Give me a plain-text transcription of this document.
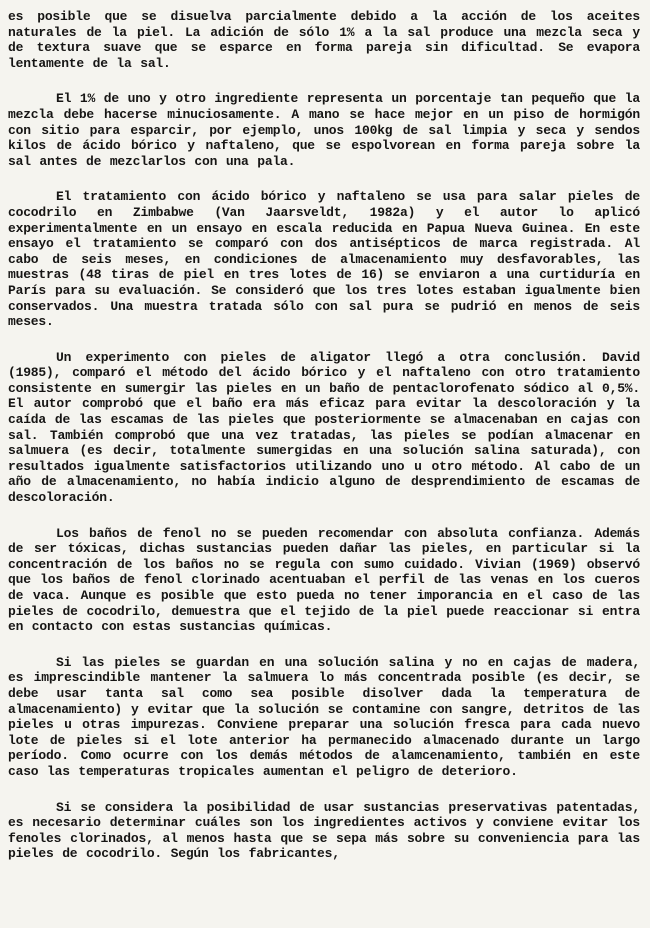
es posible que se disuelva parcialmente debido a la acción de los aceites naturales de la piel. La adición de sólo 1% a la sal produce una mezcla seca y de textura suave que se esparce en forma pareja sin dificultad. Se evapora lentamente de la sal.

El 1% de uno y otro ingrediente representa un porcentaje tan pequeño que la mezcla debe hacerse minuciosamente. A mano se hace mejor en un piso de hormigón con sitio para esparcir, por ejemplo, unos 100kg de sal limpia y seca y sendos kilos de ácido bórico y naftaleno, que se espolvorean en forma pareja sobre la sal antes de mezclarlos con una pala.

El tratamiento con ácido bórico y naftaleno se usa para salar pieles de cocodrilo en Zimbabwe (Van Jaarsveldt, 1982a) y el autor lo aplicó experimentalmente en un ensayo en escala reducida en Papua Nueva Guinea. En este ensayo el tratamiento se comparó con dos antisépticos de marca registrada. Al cabo de seis meses, en condiciones de almacenamiento muy desfavorables, las muestras (48 tiras de piel en tres lotes de 16) se enviaron a una curtiduría en París para su evaluación. Se consideró que los tres lotes estaban igualmente bien conservados. Una muestra tratada sólo con sal pura se pudrió en menos de seis meses.

Un experimento con pieles de aligator llegó a otra conclusión. David (1985), comparó el método del ácido bórico y el naftaleno con otro tratamiento consistente en sumergir las pieles en un baño de pentaclorofenato sódico al 0,5%. El autor comprobó que el baño era más eficaz para evitar la descoloración y la caída de las escamas de las pieles que posteriormente se almacenaban en cajas con sal. También comprobó que una vez tratadas, las pieles se podían almacenar en salmuera (es decir, totalmente sumergidas en una solución salina saturada), con resultados igualmente satisfactorios utilizando uno u otro método. Al cabo de un año de almacenamiento, no había indicio alguno de desprendimiento de escamas de descoloración.

Los baños de fenol no se pueden recomendar con absoluta confianza. Además de ser tóxicas, dichas sustancias pueden dañar las pieles, en particular si la concentración de los baños no se regula con sumo cuidado. Vivian (1969) observó que los baños de fenol clorinado acentuaban el perfil de las venas en los cueros de vaca. Aunque es posible que esto pueda no tener imporancia en el caso de las pieles de cocodrilo, demuestra que el tejido de la piel puede reaccionar si entra en contacto con estas sustancias químicas.

Si las pieles se guardan en una solución salina y no en cajas de madera, es imprescindible mantener la salmuera lo más concentrada posible (es decir, se debe usar tanta sal como sea posible disolver dada la temperatura de almacenamiento) y evitar que la solución se contamine con sangre, detritos de las pieles u otras impurezas. Conviene preparar una solución fresca para cada nuevo lote de pieles si el lote anterior ha permanecido almacenado durante un largo período. Como ocurre con los demás métodos de alamcenamiento, también en este caso las temperaturas tropicales aumentan el peligro de deterioro.

Si se considera la posibilidad de usar sustancias preservativas patentadas, es necesario determinar cuáles son los ingredientes activos y conviene evitar los fenoles clorinados, al menos hasta que se sepa más sobre su conveniencia para las pieles de cocodrilo. Según los fabricantes,
